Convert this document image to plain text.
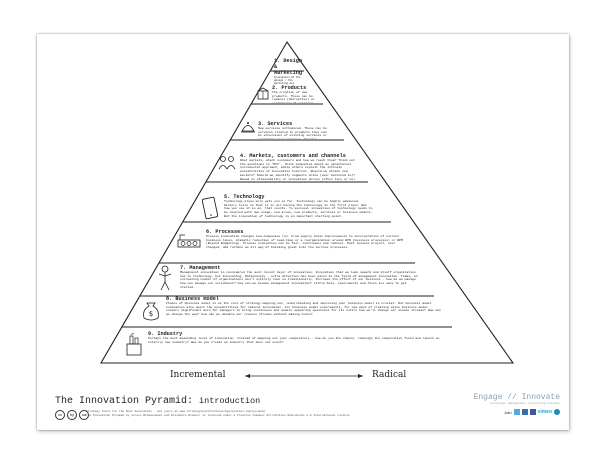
$
1. Design & Marketing
Innovation of the design / the marketing mix
2. Products
The creation of new products. These can be radical (disruptive) or
3. Services
New services introduced. These can be services related to products they can be extensions of existing services or
4. Markets, customers and channels
What markets, which customers and how we reach them? Think out the questions in 'MCC', think companies adopt an omnichannel incremental approach, while others exploit the infinite possibilities of innovative Internet. Should we attack new markets? Should we identify segments arise (over marketed to)? Based on attainability or innovation across (often tiny or no)
5. Technology
Technology alone only gets you so far. Technology can be highly advanced. History tells us that it is all having the technology in the first place. But how you use it is on, that counts. To succeed, innovation of technology needs to be coupled with new usage, new areas, new products, services or business models. But the innovation of technology is an important starting point.
6. Processes
Process innovation changes how companies run. From supply chain improvements to incorporation of current business lines, dramatic reduction of lead-time or a reorganization around BPR (business processes) or BPM (Beyond Budgeting). Process innovation can be fair, continuous and radical. Past lessons project, over changed, did rethink we all way of building great into the service processes.
7. Management
Management innovation is considered the most recent layer of innovation. Innovation that we look upward and itself organization has to Technology, but Innovating, Rationality - extra attention has been given to the field of management innovation. Today, an increasing number of organizations don't entirely look on traditionally. Increase the effect of our business - how do we manage how can manage our enrichment? how can we become management innovation? Little bets, experiments and fixes are easy to get started.
8. Business model
Choice of business model is at the core of strategy mapping out, understanding and improving your business model is crucial. Not business model innovation also opens the possibilities for radical innovation. For business model experiments, for new ways of creating value business model inspire significant more for managers to bring continuous and models appearing questions for its entire how we'll change our income streams? How can we change the way? how can we disable our revenue streams without adding costs?
9. Industry
Perhaps the most demanding level of innovation. Instead of mapping out your competitors - how do you the chance, redesign the competitive field and launch an entirely new industry? How do you create an industry that does not exist?
Incremental	Radical
The Innovation Pyramid: introduction
cc	by	sa
Strategy Tools for the Next Generation - Get yours at www.strategytoolsforthenextgeneration.com/pyramid
The Innovation Pyramid by Jeroen Bloemendaal and Elisabeth Blokker is licensed under a Creative Commons Attribution-ShareAlike 4.0 International License
Engage // Innovate
strategic management consulting company
Join	vimeo
